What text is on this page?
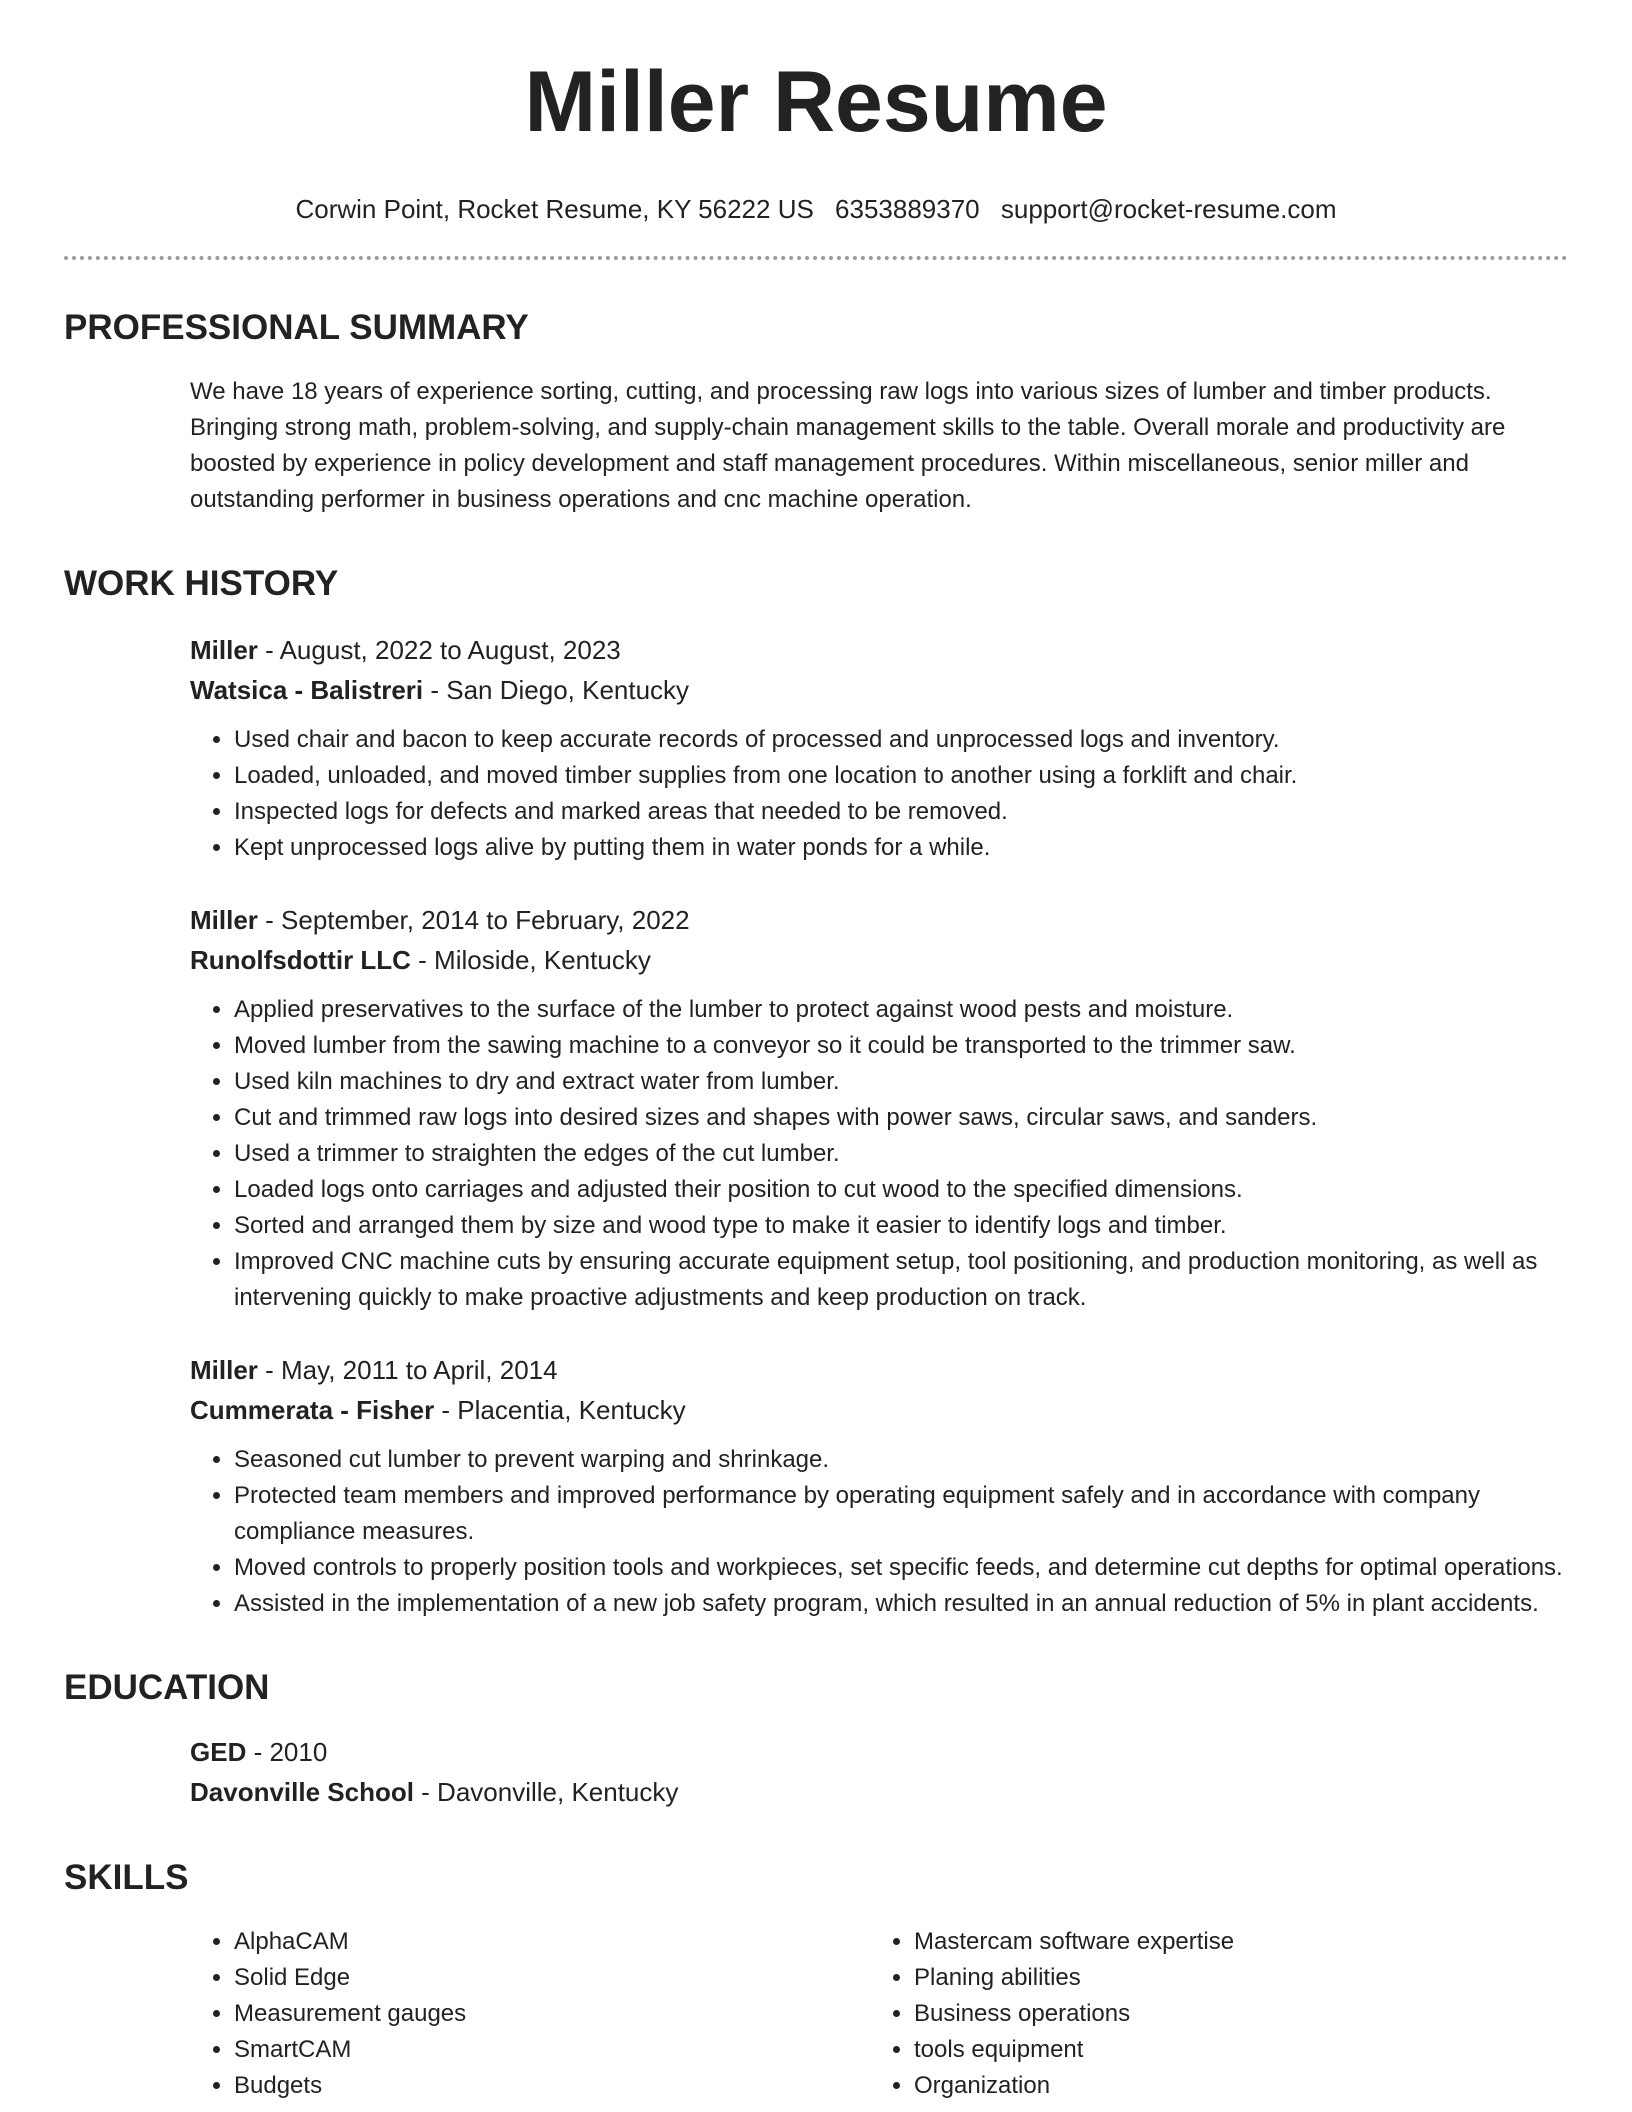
Miller Resume
Corwin Point, Rocket Resume, KY 56222 US 6353889370 support@rocket-resume.com
PROFESSIONAL SUMMARY

We have 18 years of experience sorting, cutting, and processing raw logs into various sizes of lumber and timber products. Bringing strong math, problem-solving, and supply-chain management skills to the table. Overall morale and productivity are boosted by experience in policy development and staff management procedures. Within miscellaneous, senior miller and outstanding performer in business operations and cnc machine operation.

WORK HISTORY
Miller - August, 2022 to August, 2023
Watsica - Balistreri - San Diego, Kentucky
• Used chair and bacon to keep accurate records of processed and unprocessed logs and inventory.
• Loaded, unloaded, and moved timber supplies from one location to another using a forklift and chair.
• Inspected logs for defects and marked areas that needed to be removed.
• Kept unprocessed logs alive by putting them in water ponds for a while.
Miller - September, 2014 to February, 2022
Runolfsdottir LLC - Miloside, Kentucky
• Applied preservatives to the surface of the lumber to protect against wood pests and moisture.
• Moved lumber from the sawing machine to a conveyor so it could be transported to the trimmer saw.
• Used kiln machines to dry and extract water from lumber.
• Cut and trimmed raw logs into desired sizes and shapes with power saws, circular saws, and sanders.
• Used a trimmer to straighten the edges of the cut lumber.
• Loaded logs onto carriages and adjusted their position to cut wood to the specified dimensions.
• Sorted and arranged them by size and wood type to make it easier to identify logs and timber.
• Improved CNC machine cuts by ensuring accurate equipment setup, tool positioning, and production monitoring, as well as intervening quickly to make proactive adjustments and keep production on track.
Miller - May, 2011 to April, 2014
Cummerata - Fisher - Placentia, Kentucky
• Seasoned cut lumber to prevent warping and shrinkage.
• Protected team members and improved performance by operating equipment safely and in accordance with company compliance measures.
• Moved controls to properly position tools and workpieces, set specific feeds, and determine cut depths for optimal operations.
• Assisted in the implementation of a new job safety program, which resulted in an annual reduction of 5% in plant accidents.
EDUCATION
GED - 2010
Davonville School - Davonville, Kentucky
SKILLS
• AlphaCAM
• Solid Edge
• Measurement gauges
• SmartCAM
• Budgets
• Mastercam software expertise
• Planing abilities
• Business operations
• tools equipment
• Organization
